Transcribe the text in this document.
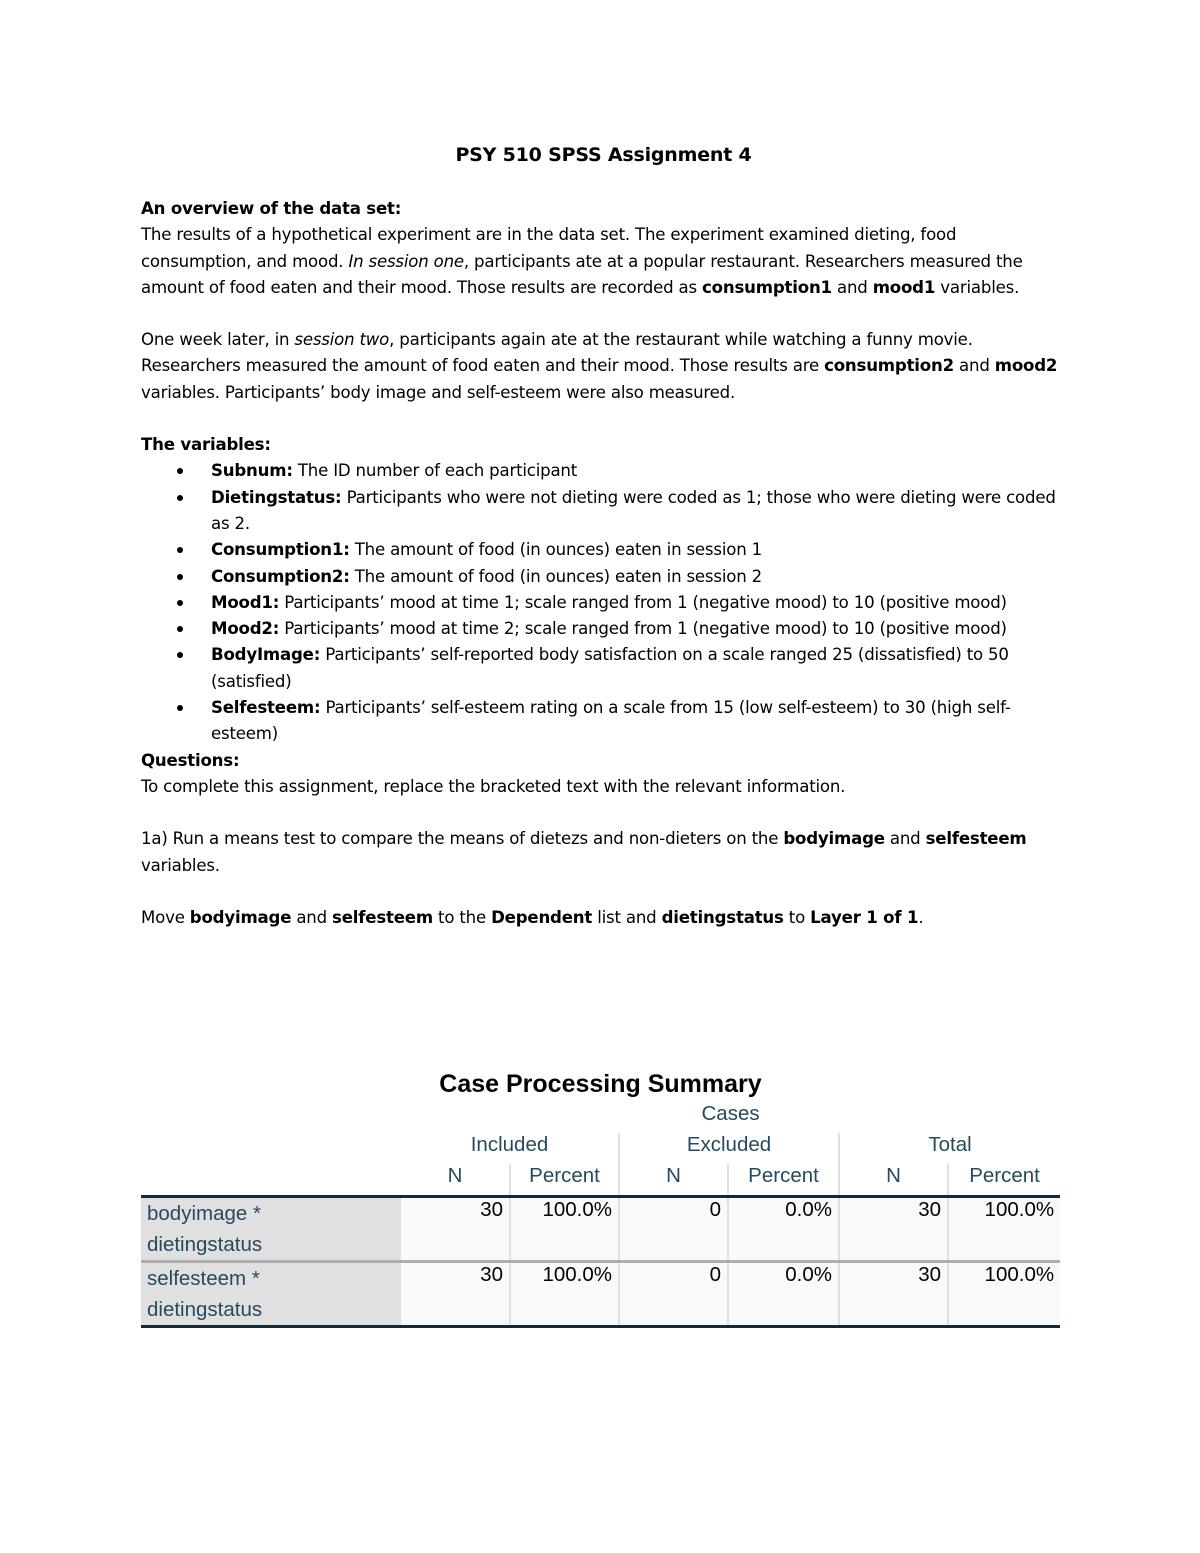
PSY 510 SPSS Assignment 4

An overview of the data set:

The results of a hypothetical experiment are in the data set. The experiment examined dieting, food consumption, and mood. In session one, participants ate at a popular restaurant. Researchers measured the amount of food eaten and their mood. Those results are recorded as consumption1 and mood1 variables.

One week later, in session two, participants again ate at the restaurant while watching a funny movie. Researchers measured the amount of food eaten and their mood. Those results are consumption2 and mood2 variables. Participants’ body image and self-esteem were also measured.

The variables:

Subnum: The ID number of each participant
Dietingstatus: Participants who were not dieting were coded as 1; those who were dieting were coded as 2.
Consumption1: The amount of food (in ounces) eaten in session 1
Consumption2: The amount of food (in ounces) eaten in session 2
Mood1: Participants’ mood at time 1; scale ranged from 1 (negative mood) to 10 (positive mood)
Mood2: Participants’ mood at time 2; scale ranged from 1 (negative mood) to 10 (positive mood)
BodyImage: Participants’ self-reported body satisfaction on a scale ranged 25 (dissatisfied) to 50 (satisfied)
Selfesteem: Participants’ self-esteem rating on a scale from 15 (low self-esteem) to 30 (high self-esteem)

Questions:

To complete this assignment, replace the bracketed text with the relevant information.

1a) Run a means test to compare the means of dietezs and non-dieters on the bodyimage and selfesteem variables.

Move bodyimage and selfesteem to the Dependent list and dietingstatus to Layer 1 of 1.

Case Processing Summary
	Cases					
	Included		Excluded		Total	
	N	Percent	N	Percent	N	Percent

bodyimage *
dietingstatus	30	100.0%	0	0.0%	30	100.0%

selfesteem *
dietingstatus	30	100.0%	0	0.0%	30	100.0%
